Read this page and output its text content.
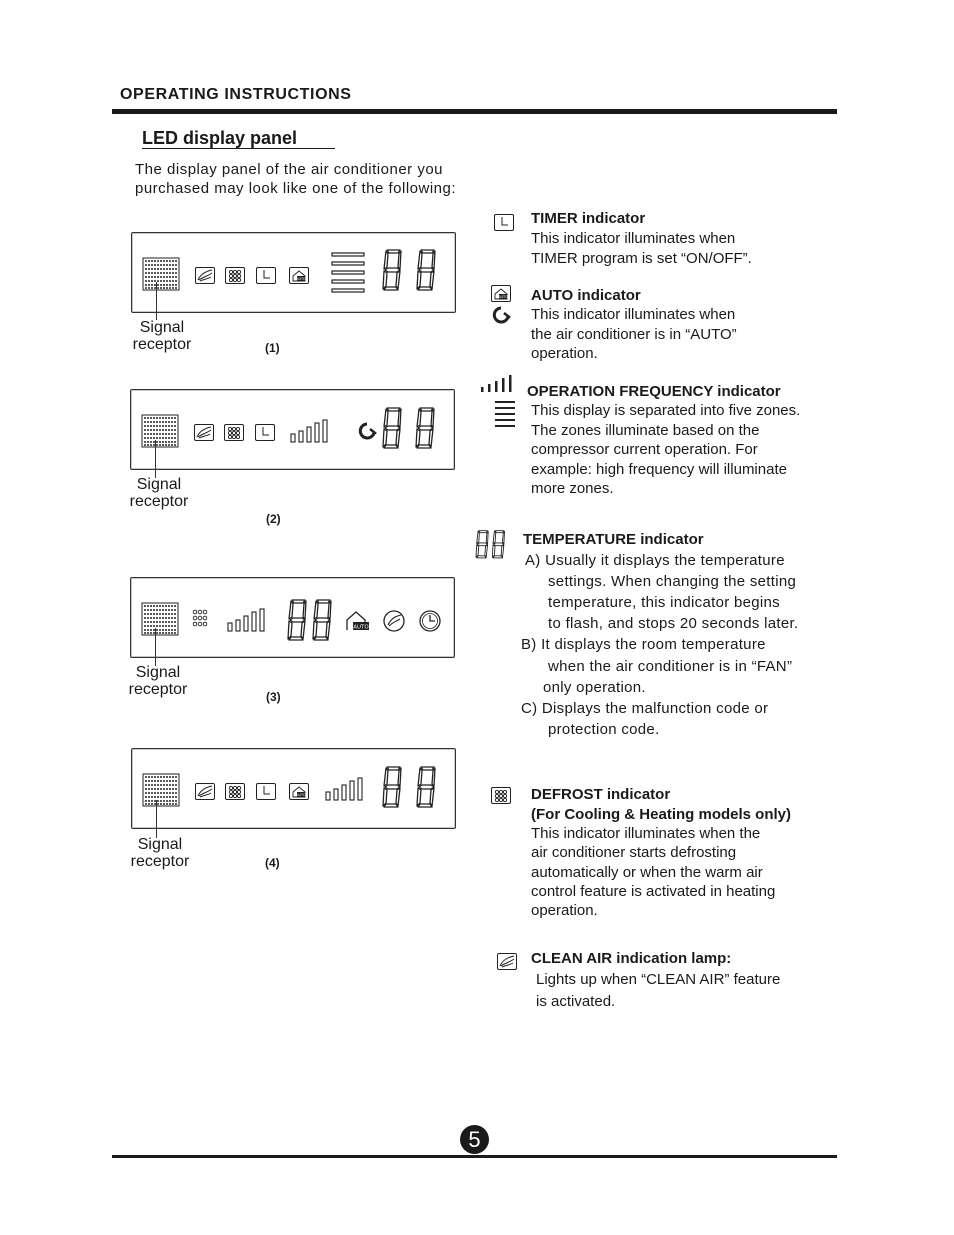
OPERATING INSTRUCTIONS
LED display panel
The display panel of the air conditioner you
purchased may look like one of the following:
Signal
receptor	(1)
Signal
receptor
(2)
AUTO
Signal
receptor	(3)
Signal
receptor	(4)
TIMER indicator
This indicator illuminates when
TIMER program is set “ON/OFF”.
AUTO indicator
This indicator illuminates when
the air conditioner is in “AUTO”
operation.
OPERATION FREQUENCY indicator
This display is separated into five zones.
The zones illuminate based on the
compressor current operation. For
example: high frequency will illuminate
more zones.
TEMPERATURE indicator
A) Usually it displays the temperature
settings. When changing the setting
temperature, this indicator begins
to flash, and stops 20 seconds later.
B) It displays the room temperature
when the air conditioner is in “FAN”
only operation.
C) Displays the malfunction code or
protection code.
DEFROST indicator
(For Cooling & Heating models only)
This indicator illuminates when the
air conditioner starts defrosting
automatically or when the warm air
control feature is activated in heating
operation.
CLEAN AIR indication lamp:
Lights up when “CLEAN AIR” feature
is activated.
5
